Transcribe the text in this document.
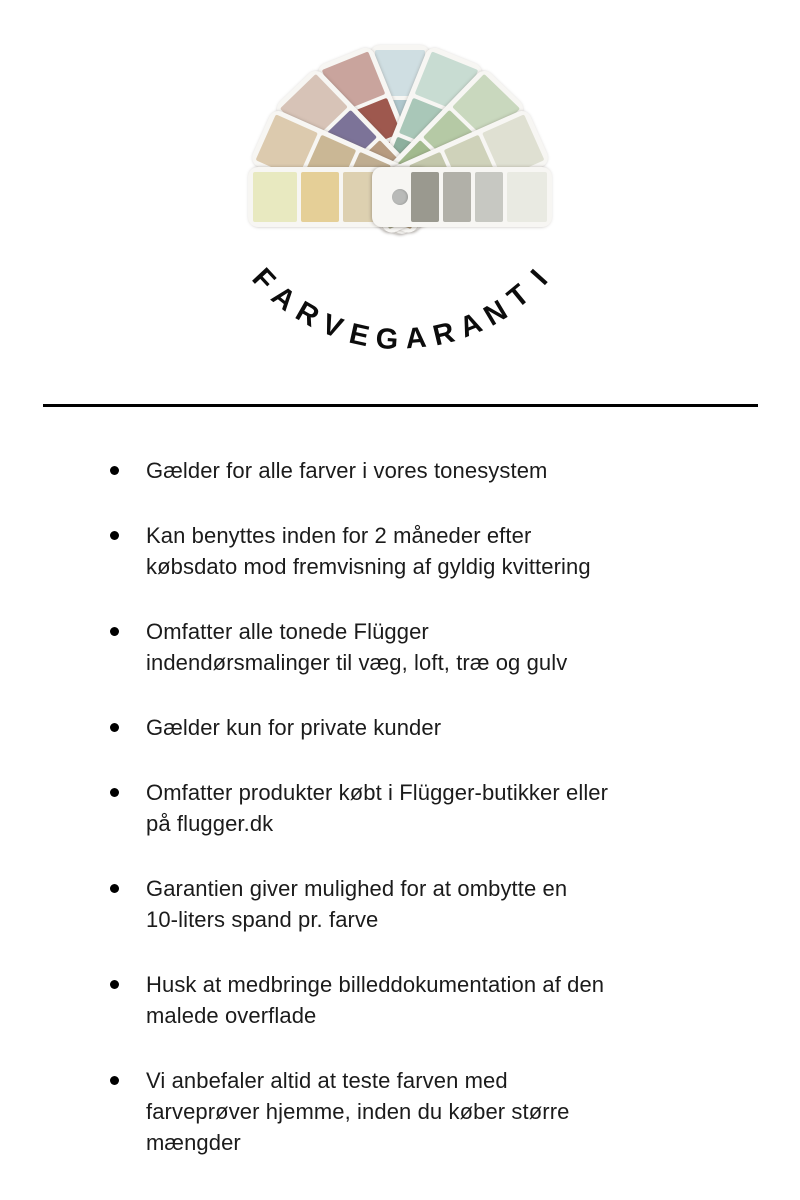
F
A
R
V E G A R
A
N
T
I
Gælder for alle farver i vores tonesystem
Kan benyttes inden for 2 måneder efter
købsdato mod fremvisning af gyldig kvittering
Omfatter alle tonede Flügger
indendørsmalinger til væg, loft, træ og gulv
Gælder kun for private kunder
Omfatter produkter købt i Flügger-butikker eller
på flugger.dk
Garantien giver mulighed for at ombytte en
10-liters spand pr. farve
Husk at medbringe billeddokumentation af den
malede overflade
Vi anbefaler altid at teste farven med
farveprøver hjemme, inden du køber større
mængder
